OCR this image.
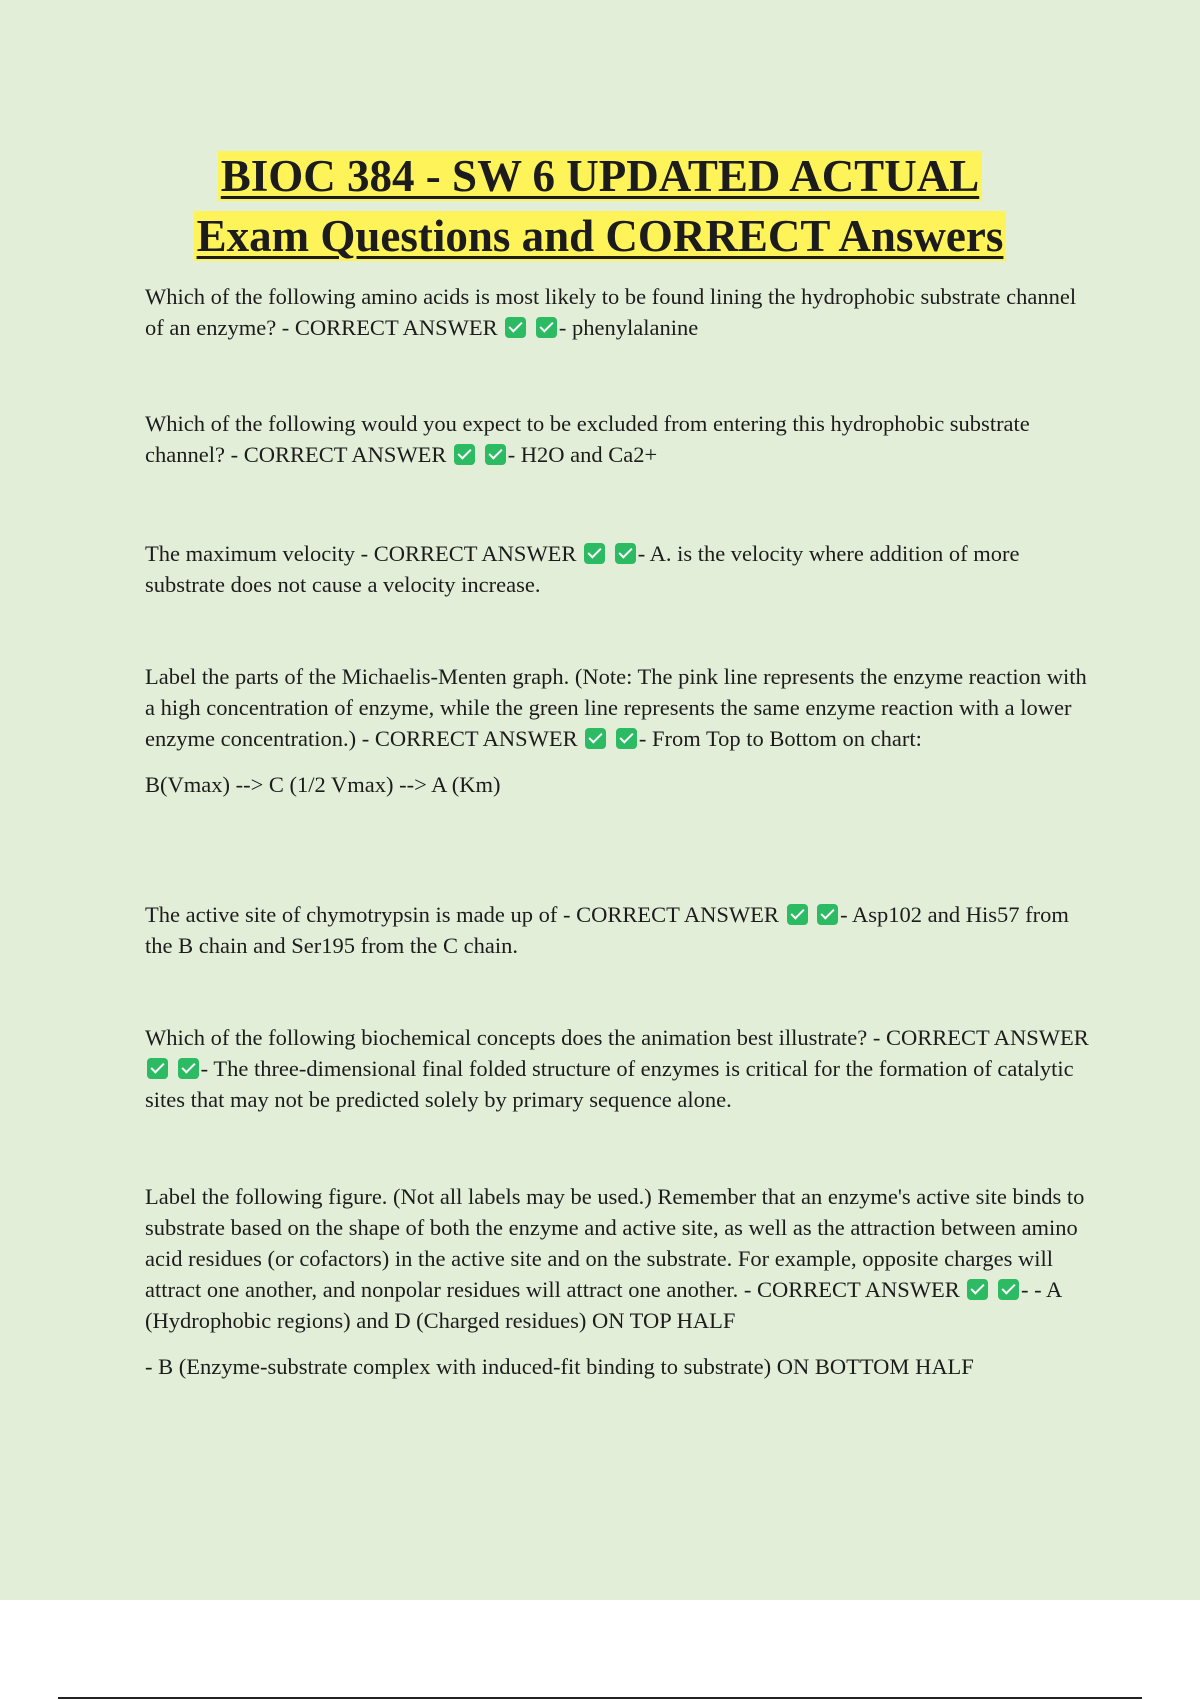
BIOC 384 - SW 6 UPDATED ACTUAL
Exam Questions and CORRECT Answers

Which of the following amino acids is most likely to be found lining the hydrophobic substrate channel of an enzyme? - CORRECT ANSWER	- phenylalanine

Which of the following would you expect to be excluded from entering this hydrophobic substrate channel? - CORRECT ANSWER	- H2O and Ca2+

The maximum velocity - CORRECT ANSWER	- A. is the velocity where addition of more substrate does not cause a velocity increase.

Label the parts of the Michaelis-Menten graph. (Note: The pink line represents the enzyme reaction with a high concentration of enzyme, while the green line represents the same enzyme reaction with a lower enzyme concentration.) - CORRECT ANSWER	- From Top to Bottom on chart:

B(Vmax) --> C (1/2 Vmax) --> A (Km)

The active site of chymotrypsin is made up of - CORRECT ANSWER	- Asp102 and His57 from the B chain and Ser195 from the C chain.

Which of the following biochemical concepts does the animation best illustrate? - CORRECT ANSWER  - The three-dimensional final folded structure of enzymes is critical for the formation of catalytic sites that may not be predicted solely by primary sequence alone.

Label the following figure. (Not all labels may be used.) Remember that an enzyme's active site binds to substrate based on the shape of both the enzyme and active site, as well as the attraction between amino acid residues (or cofactors) in the active site and on the substrate. For example, opposite charges will attract one another, and nonpolar residues will attract one another. - CORRECT ANSWER	- - A (Hydrophobic regions) and D (Charged residues) ON TOP HALF

- B (Enzyme-substrate complex with induced-fit binding to substrate) ON BOTTOM HALF
